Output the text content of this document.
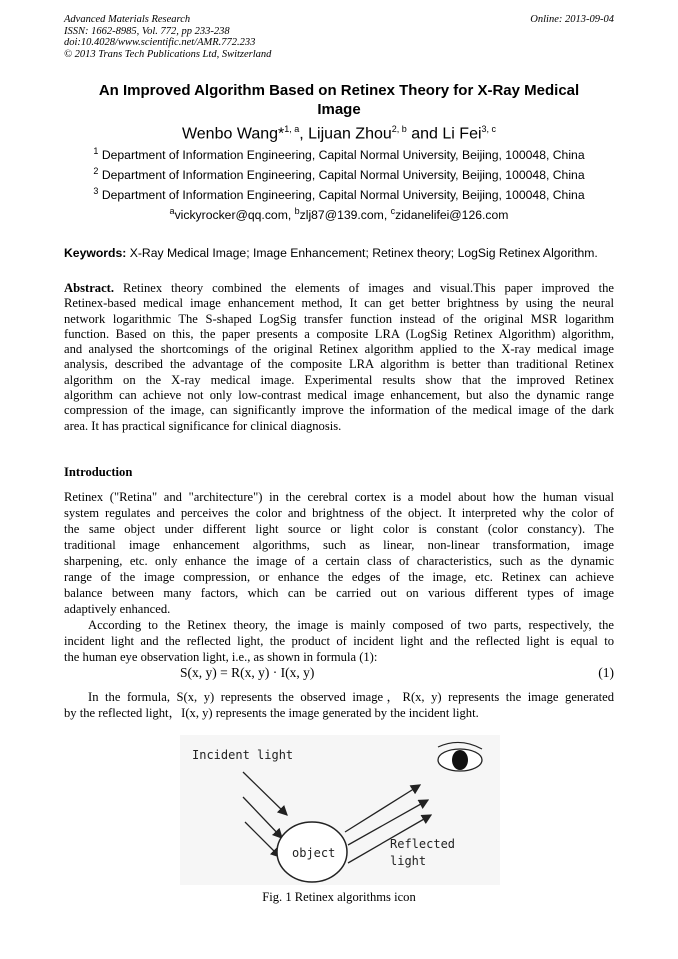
Advanced Materials Research
ISSN: 1662-8985, Vol. 772, pp 233-238
doi:10.4028/www.scientific.net/AMR.772.233
© 2013 Trans Tech Publications Ltd, Switzerland
Online: 2013-09-04
An Improved Algorithm Based on Retinex Theory for X-Ray Medical
Image
Wenbo Wang*$^{1, a}$, Lijuan Zhou$^{2, b}$ and Li Fei$^{3, c}$
$^1$ Department of Information Engineering, Capital Normal University, Beijing, 100048, China
$^2$ Department of Information Engineering, Capital Normal University, Beijing, 100048, China
$^3$ Department of Information Engineering, Capital Normal University, Beijing, 100048, China
$^a$vickyrocker@qq.com, $^b$zlj87@139.com, $^c$zidanelifei@126.com
Keywords: X-Ray Medical Image; Image Enhancement; Retinex theory; LogSig Retinex Algorithm.
Abstract. Retinex theory combined the elements of images and visual.This paper improved the
Retinex-based medical image enhancement method, It can get better brightness by using the neural
network logarithmic The S-shaped LogSig transfer function instead of the original MSR logarithm
function. Based on this, the paper presents a composite LRA (LogSig Retinex Algorithm) algorithm,
and analysed the shortcomings of the original Retinex algorithm applied to the X-ray medical image
analysis, described the advantage of the composite LRA algorithm is better than traditional Retinex
algorithm on the X-ray medical image. Experimental results show that the improved Retinex
algorithm can achieve not only low-contrast medical image enhancement, but also the dynamic range
compression of the image, can significantly improve the information of the medical image of the dark
area. It has practical significance for clinical diagnosis.
Introduction
Retinex ("Retina" and "architecture") in the cerebral cortex is a model about how the human visual
system regulates and perceives the color and brightness of the object. It interpreted why the color of
the same object under different light source or light color is constant (color constancy). The
traditional image enhancement algorithms, such as linear, non-linear transformation, image
sharpening, etc. only enhance the image of a certain class of characteristics, such as the dynamic
range of the image compression, or enhance the edges of the image, etc. Retinex can achieve
balance between many factors, which can be carried out on various different types of image
adaptively enhanced.
According to the Retinex theory, the image is mainly composed of two parts, respectively, the
incident light and the reflected light, the product of incident light and the reflected light is equal to
the human eye observation light, i.e., as shown in formula (1):
S(x, y) = R(x, y) · I(x, y)	(1)
In the formula, S(x, y) represents the observed image，R(x, y) represents the image generated
by the reflected light，I(x, y) represents the image generated by the incident light.
Incident light
object
Reflected
light
Fig. 1 Retinex algorithms icon
